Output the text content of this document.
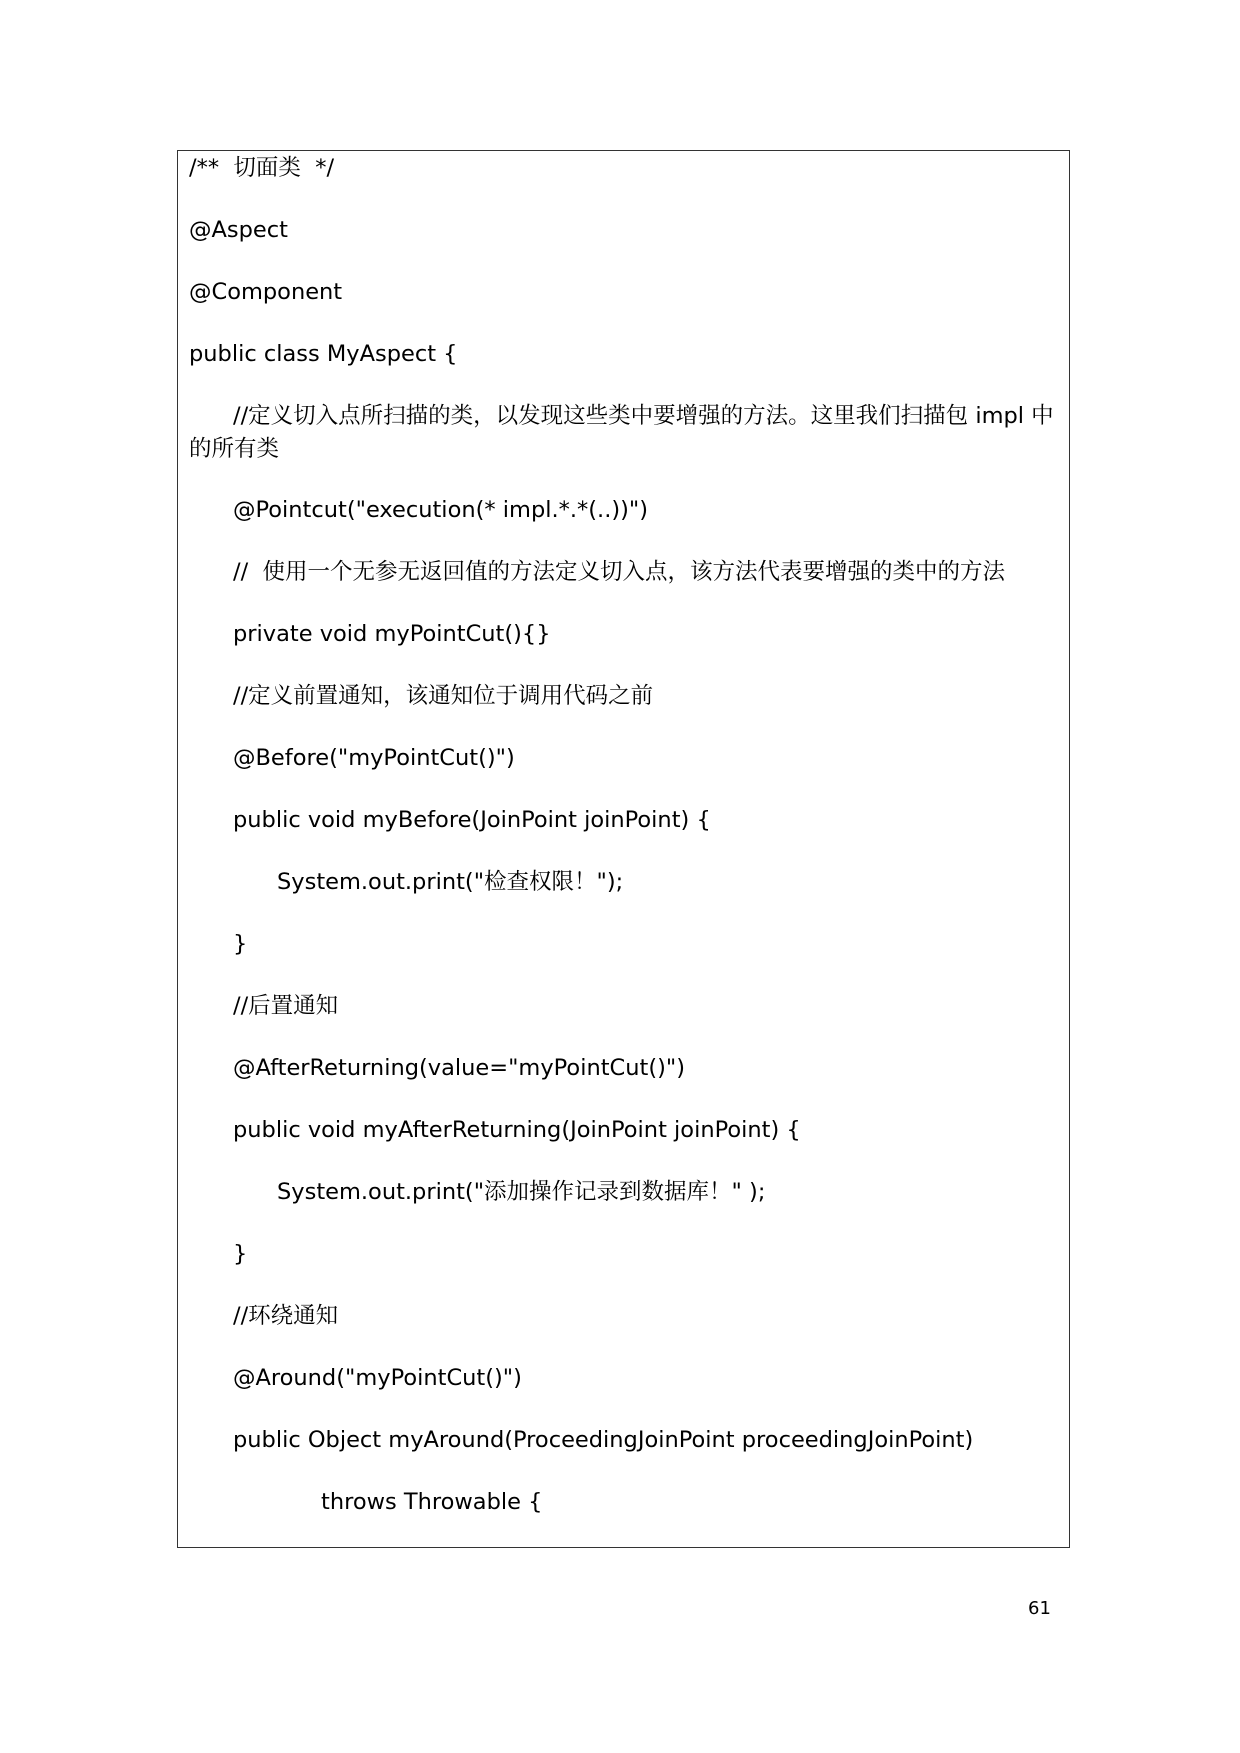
/**  切面类  */
@Aspect
@Component
public class MyAspect {
//定义切入点所扫描的类，以发现这些类中要增强的方法。这里我们扫描包 impl 中的所有类
@Pointcut("execution(* impl.*.*(..))")
//  使用一个无参无返回值的方法定义切入点，该方法代表要增强的类中的方法
private void myPointCut(){}
//定义前置通知，该通知位于调用代码之前
@Before("myPointCut()")
public void myBefore(JoinPoint joinPoint) {
System.out.print("检查权限！");
}
//后置通知
@AfterReturning(value="myPointCut()")
public void myAfterReturning(JoinPoint joinPoint) {
System.out.print("添加操作记录到数据库！" );
}
//环绕通知
@Around("myPointCut()")
public Object myAround(ProceedingJoinPoint proceedingJoinPoint)
throws Throwable {
61
